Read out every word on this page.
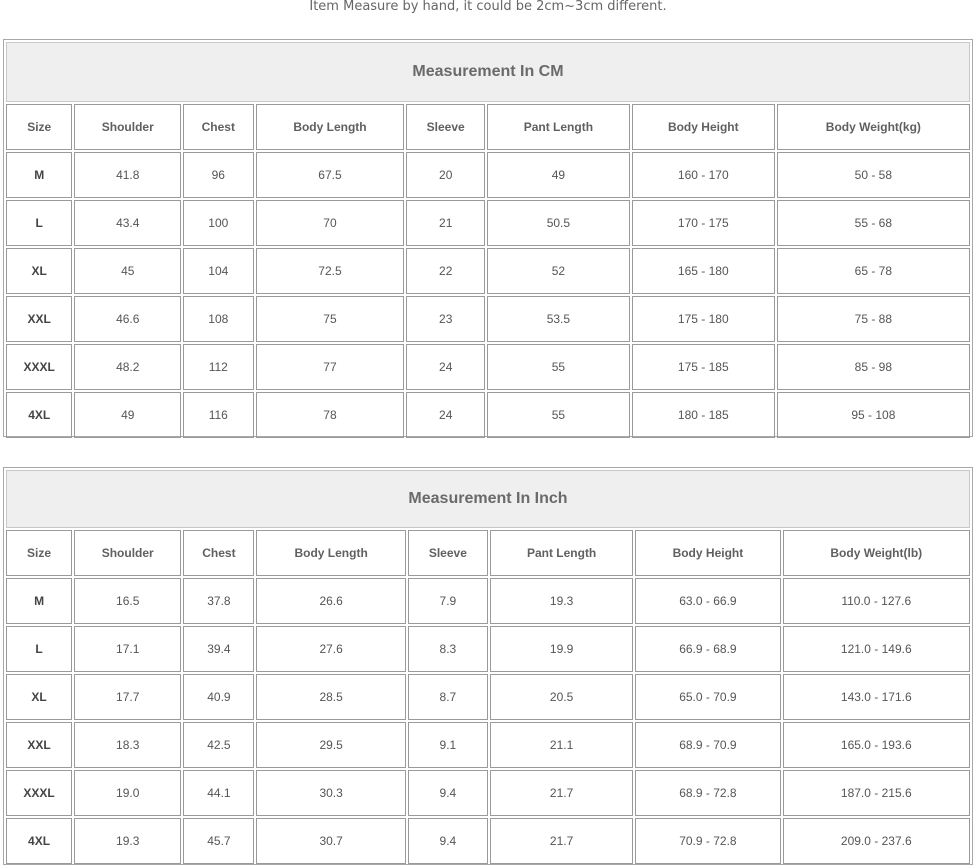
Item Measure by hand, it could be 2cm~3cm different.
Measurement In CM							
Size	Shoulder	Chest	Body Length	Sleeve	Pant Length	Body Height	Body Weight(kg)
M	41.8	96	67.5	20	49	160 - 170	50 - 58
L	43.4	100	70	21	50.5	170 - 175	55 - 68
XL	45	104	72.5	22	52	165 - 180	65 - 78
XXL	46.6	108	75	23	53.5	175 - 180	75 - 88
XXXL	48.2	112	77	24	55	175 - 185	85 - 98
4XL	49	116	78	24	55	180 - 185	95 - 108
Measurement In Inch							
Size	Shoulder	Chest	Body Length	Sleeve	Pant Length	Body Height	Body Weight(lb)
M	16.5	37.8	26.6	7.9	19.3	63.0 - 66.9	110.0 - 127.6
L	17.1	39.4	27.6	8.3	19.9	66.9 - 68.9	121.0 - 149.6
XL	17.7	40.9	28.5	8.7	20.5	65.0 - 70.9	143.0 - 171.6
XXL	18.3	42.5	29.5	9.1	21.1	68.9 - 70.9	165.0 - 193.6
XXXL	19.0	44.1	30.3	9.4	21.7	68.9 - 72.8	187.0 - 215.6
4XL	19.3	45.7	30.7	9.4	21.7	70.9 - 72.8	209.0 - 237.6
